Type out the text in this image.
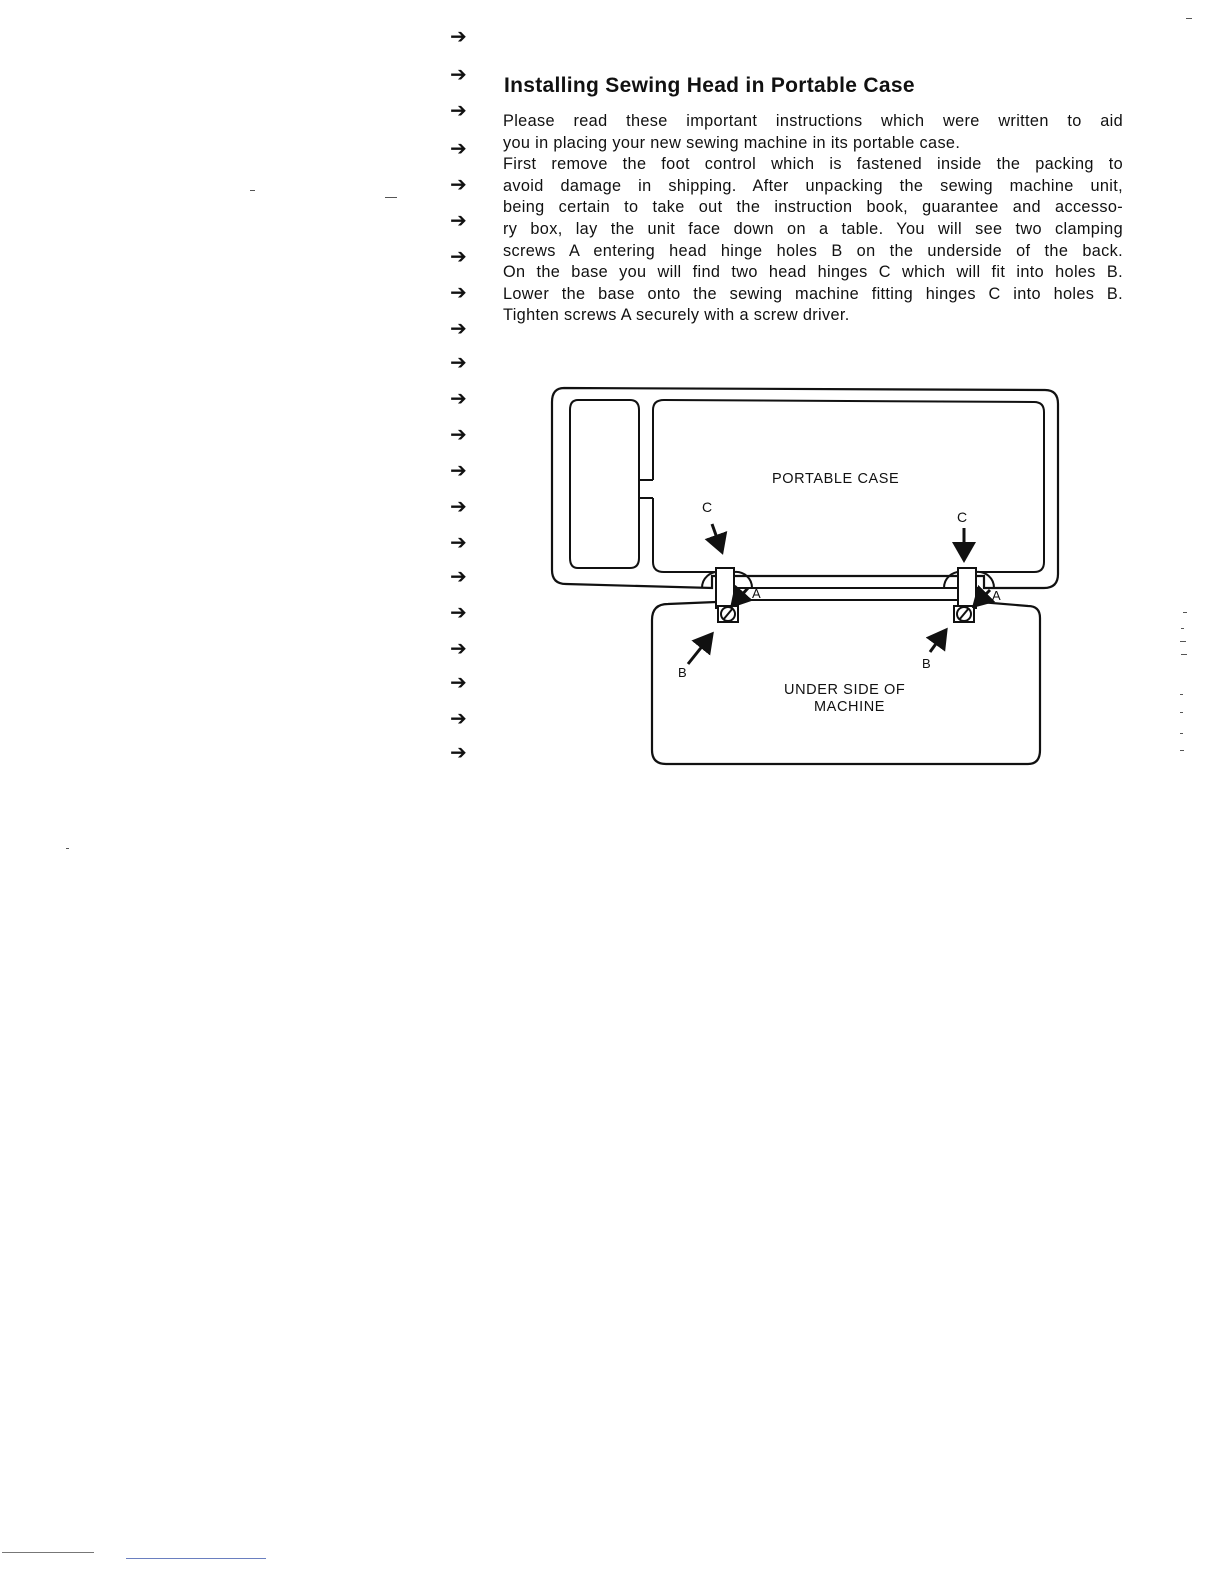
➔
➔
➔
➔
➔
➔
➔
➔
➔
➔
➔
➔
➔
➔
➔
➔
➔
➔
➔
➔
➔
Installing Sewing Head in Portable Case
Please read these important instructions which were written to aid
you in placing your new sewing machine in its portable case.
First remove the foot control which is fastened inside the packing to
avoid damage in shipping. After unpacking the sewing machine unit,
being certain to take out the instruction book, guarantee and accesso-
ry box, lay the unit face down on a table. You will see two clamping
screws A entering head hinge holes B on the underside of the back.
On the base you will find two head hinges C which will fit into holes B.
Lower the base onto the sewing machine fitting hinges C into holes B.
Tighten screws A securely with a screw driver.
PORTABLE CASE
UNDER SIDE OF
MACHINE
C
C
A	A
B
B
